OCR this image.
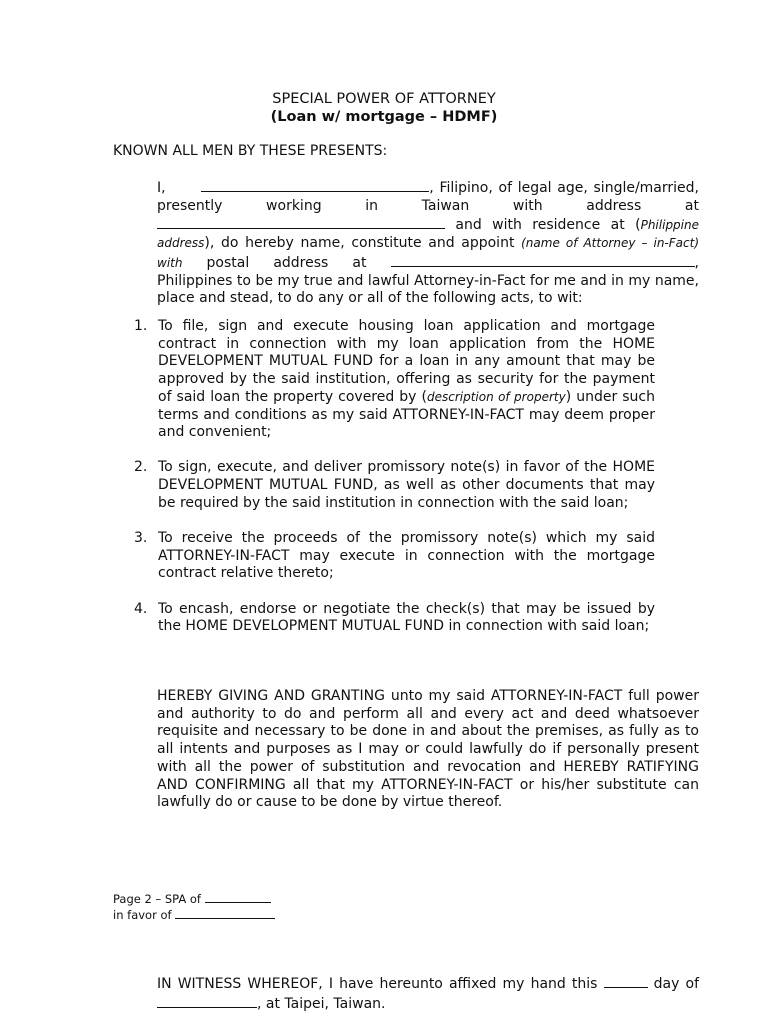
SPECIAL POWER OF ATTORNEY
(Loan w/ mortgage – HDMF)
KNOWN ALL MEN BY THESE PRESENTS:
I,	, Filipino, of legal age, single/married, presently working in Taiwan with address at  and with residence at (Philippine address), do hereby name, constitute and appoint (name of Attorney – in-Fact) with postal address at	, Philippines to be my true and lawful Attorney-in-Fact for me and in my name, place and stead, to do any or all of the following acts, to wit:
1. To file, sign and execute housing loan application and mortgage contract in connection with my loan application from the HOME DEVELOPMENT MUTUAL FUND for a loan in any amount that may be approved by the said institution, offering as security for the payment of said loan the property covered by (description of property) under such terms and conditions as my said ATTORNEY-IN-FACT may deem proper and convenient;
2. To sign, execute, and deliver promissory note(s) in favor of the HOME DEVELOPMENT MUTUAL FUND, as well as other documents that may be required by the said institution in connection with the said loan;
3. To receive the proceeds of the promissory note(s) which my said ATTORNEY-IN-FACT may execute in connection with the mortgage contract relative thereto;
4. To encash, endorse or negotiate the check(s) that may be issued by the HOME DEVELOPMENT MUTUAL FUND in connection with said loan;
HEREBY GIVING AND GRANTING unto my said ATTORNEY-IN-FACT full power and authority to do and perform all and every act and deed whatsoever requisite and necessary to be done in and about the premises, as fully as to all intents and purposes as I may or could lawfully do if personally present with all the power of substitution and revocation and HEREBY RATIFYING AND CONFIRMING all that my ATTORNEY-IN-FACT or his/her substitute can lawfully do or cause to be done by virtue thereof.
Page 2 – SPA of
in favor of
IN WITNESS WHEREOF, I have hereunto affixed my hand this	day of , at Taipei, Taiwan.
